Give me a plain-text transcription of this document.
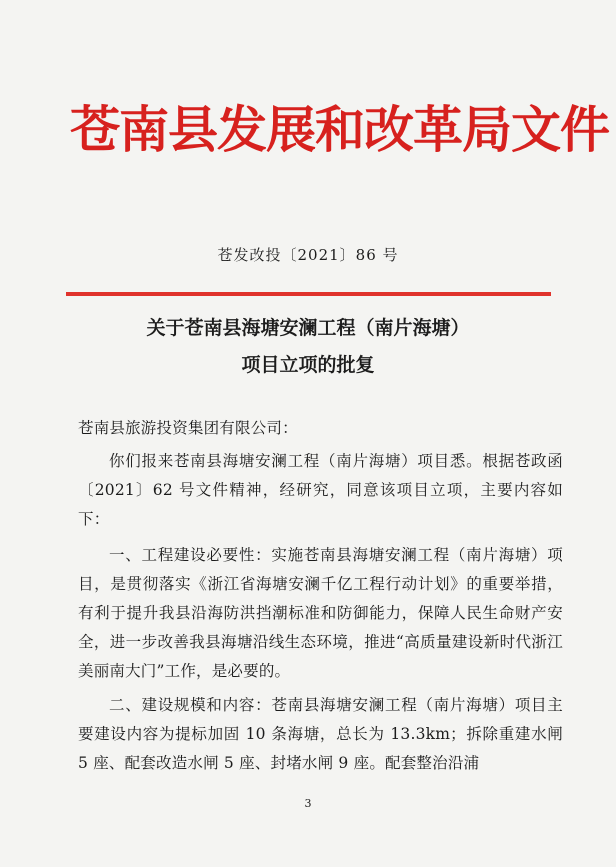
苍南县发展和改革局文件
苍发改投〔2021〕86 号
关于苍南县海塘安澜工程（南片海塘）
项目立项的批复
苍南县旅游投资集团有限公司：
你们报来苍南县海塘安澜工程（南片海塘）项目悉。根据苍政函〔2021〕62 号文件精神，经研究，同意该项目立项，主要内容如下：
一、工程建设必要性：实施苍南县海塘安澜工程（南片海塘）项目，是贯彻落实《浙江省海塘安澜千亿工程行动计划》的重要举措，有利于提升我县沿海防洪挡潮标准和防御能力，保障人民生命财产安全，进一步改善我县海塘沿线生态环境，推进“高质量建设新时代浙江美丽南大门”工作，是必要的。
二、建设规模和内容：苍南县海塘安澜工程（南片海塘）项目主要建设内容为提标加固 10 条海塘，总长为 13.3km；拆除重建水闸 5 座、配套改造水闸 5 座、封堵水闸 9 座。配套整治沿浦
3
